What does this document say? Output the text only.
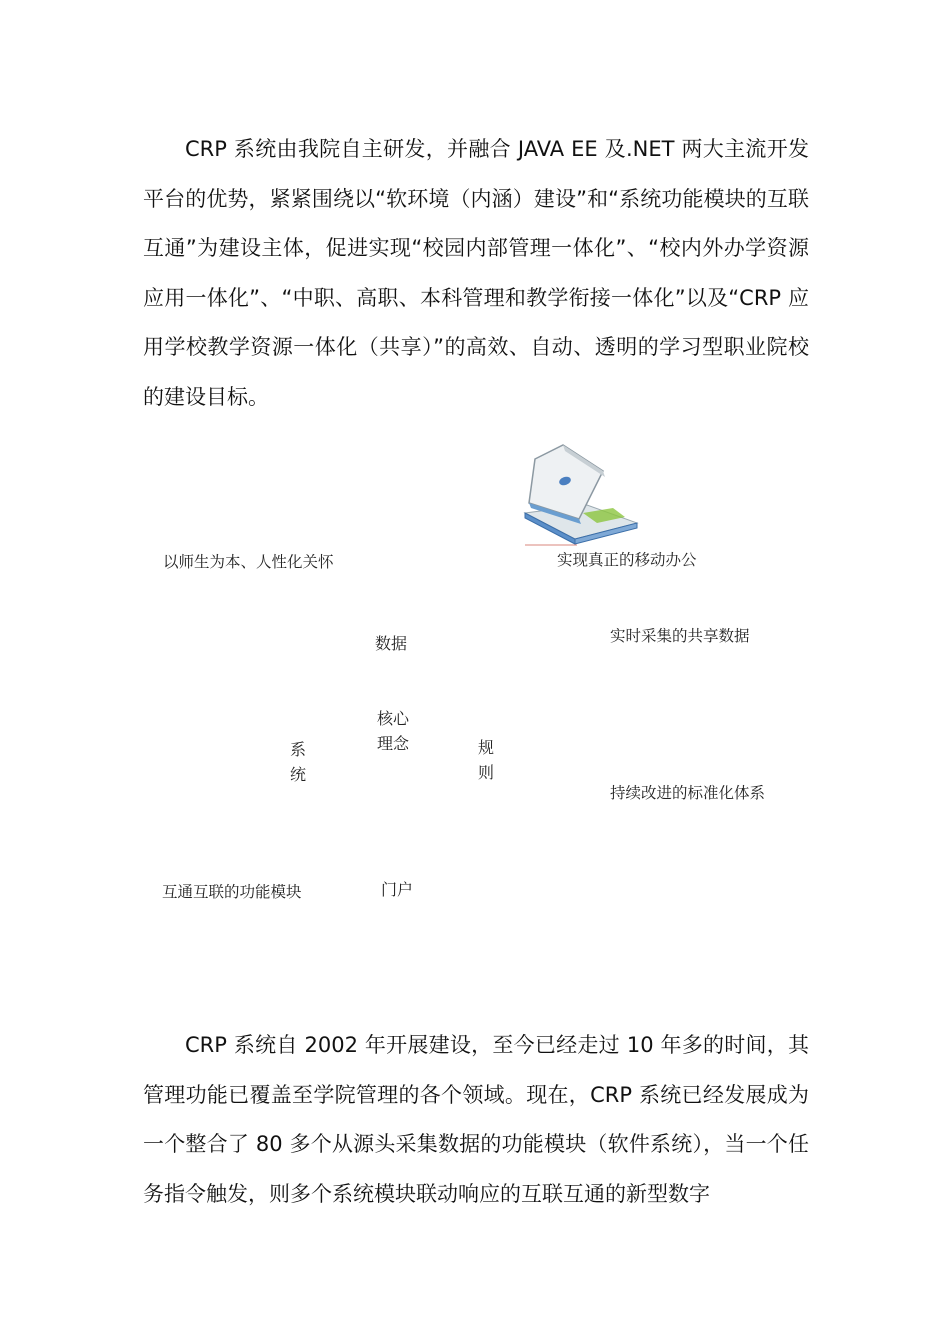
CRP 系统由我院自主研发，并融合 JAVA EE 及.NET 两大主流开发平台的优势，紧紧围绕以“软环境（内涵）建设”和“系统功能模块的互联互通”为建设主体，促进实现“校园内部管理一体化”、“校内外办学资源应用一体化”、“中职、高职、本科管理和教学衔接一体化”以及“CRP 应用学校教学资源一体化（共享）”的高效、自动、透明的学习型职业院校的建设目标。

以师生为本、人性化关怀	实现真正的移动办公
实时采集的共享数据
持续改进的标准化体系
互通互联的功能模块
数据
核心
理念
系
统
规
则
门户

CRP 系统自 2002 年开展建设，至今已经走过 10 年多的时间，其管理功能已覆盖至学院管理的各个领域。现在，CRP 系统已经发展成为一个整合了 80 多个从源头采集数据的功能模块（软件系统），当一个任务指令触发，则多个系统模块联动响应的互联互通的新型数字
